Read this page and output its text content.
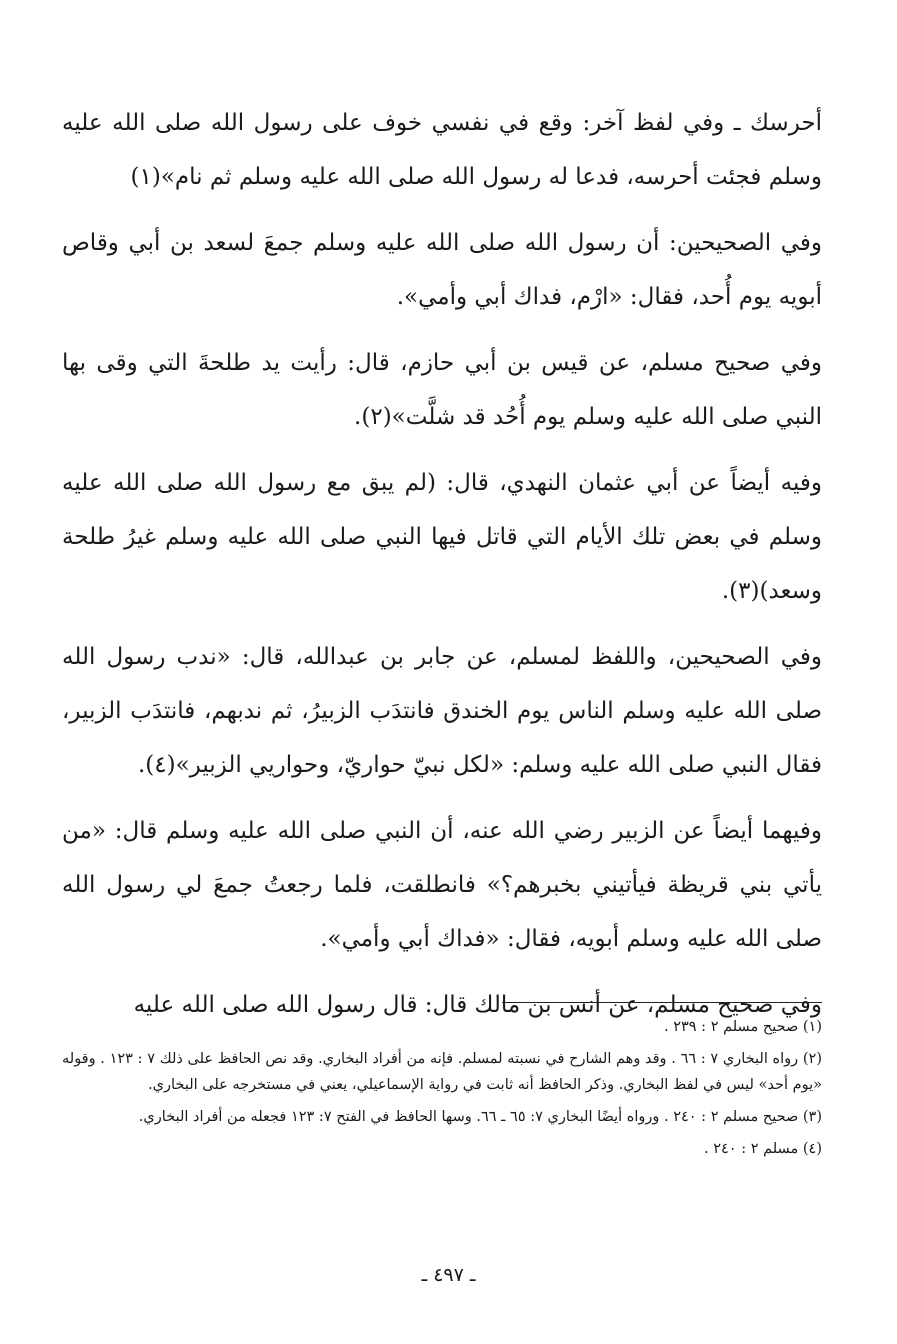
أحرسك ـ وفي لفظ آخر: وقع في نفسي خوف على رسول الله صلى الله عليه وسلم فجئت أحرسه، فدعا له رسول الله صلى الله عليه وسلم ثم نام»(١)

وفي الصحيحين: أن رسول الله صلى الله عليه وسلم جمعَ لسعد بن أبي وقاص أبويه يوم أُحد، فقال: «ارْم، فداك أبي وأمي».

وفي صحيح مسلم، عن قيس بن أبي حازم، قال: رأيت يد طلحةَ التي وقى بها النبي صلى الله عليه وسلم يوم أُحُد قد شلَّت»(٢).

وفيه أيضاً عن أبي عثمان النهدي، قال: (لم يبق مع رسول الله صلى الله عليه وسلم في بعض تلك الأيام التي قاتل فيها النبي صلى الله عليه وسلم غيرُ طلحة وسعد)(٣).

وفي الصحيحين، واللفظ لمسلم، عن جابر بن عبدالله، قال: «ندب رسول الله صلى الله عليه وسلم الناس يوم الخندق فانتدَب الزبيرُ، ثم ندبهم، فانتدَب الزبير، فقال النبي صلى الله عليه وسلم: «لكل نبيّ حواريّ، وحواريي الزبير»(٤).

وفيهما أيضاً عن الزبير رضي الله عنه، أن النبي صلى الله عليه وسلم قال: «من يأتي بني قريظة فيأتيني بخبرهم؟» فانطلقت، فلما رجعتُ جمعَ لي رسول الله صلى الله عليه وسلم أبويه، فقال: «فداك أبي وأمي».

وفي صحيح مسلم، عن أنس بن مالك قال: قال رسول الله صلى الله عليه

(١) صحيح مسلم ٢ : ٢٣٩ .

(٢) رواه البخاري ٧ : ٦٦ . وقد وهم الشارح في نسبته لمسلم. فإنه من أفراد البخاري. وقد نص الحافظ على ذلك ٧ : ١٢٣ . وقوله «يوم أحد» ليس في لفظ البخاري. وذكر الحافظ أنه ثابت في رواية الإسماعيلي، يعني في مستخرجه على البخاري.

(٣) صحيح مسلم ٢ : ٢٤٠ . ورواه أيضًا البخاري ٧: ٦٥ ـ ٦٦. وسها الحافظ في الفتح ٧: ١٢٣ فجعله من أفراد البخاري.

(٤) مسلم ٢ : ٢٤٠ .

ـ ٤٩٧ ـ
